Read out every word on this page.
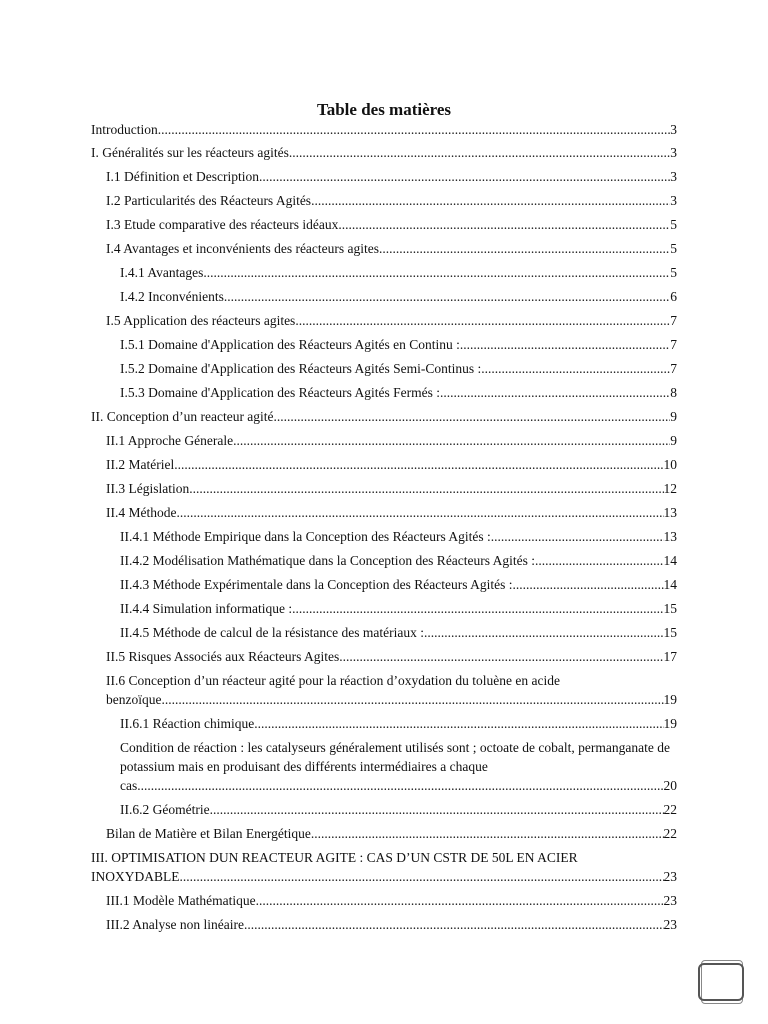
Table des matières
Introduction .....	3
I. Généralités sur les réacteurs agités .....	3
I.1 Définition et Description .....	3
I.2 Particularités des Réacteurs Agités .....	3
I.3 Etude comparative des réacteurs idéaux .....	5
I.4 Avantages et inconvénients des réacteurs agites .....	5
I.4.1 Avantages .....	5
I.4.2 Inconvénients .....	6
I.5 Application des réacteurs agites .....	7
I.5.1 Domaine d'Application des Réacteurs Agités en Continu : .....	7
I.5.2 Domaine d'Application des Réacteurs Agités Semi-Continus : .....	7
I.5.3 Domaine d'Application des Réacteurs Agités Fermés : .....	8
II. Conception d’un reacteur agité .....	9
II.1 Approche Génerale .....	9
II.2 Matériel .....	10
II.3 Législation .....	12
II.4 Méthode .....	13
II.4.1 Méthode Empirique dans la Conception des Réacteurs Agités : .....	13
II.4.2 Modélisation Mathématique dans la Conception des Réacteurs Agités : .....	14
II.4.3 Méthode Expérimentale dans la Conception des Réacteurs Agités : .....	14
II.4.4 Simulation informatique : .....	15
II.4.5 Méthode de calcul de la résistance des matériaux : .....	15
II.5 Risques Associés aux Réacteurs Agites .....	17
II.6 Conception d’un réacteur agité pour la réaction d’oxydation du toluène en acide
benzoïque .....	19
II.6.1 Réaction chimique .....	19
Condition de réaction : les catalyseurs généralement utilisés sont ; octoate de cobalt, permanganate de potassium mais en produisant des différents intermédiaires a chaque
cas .....	20
II.6.2 Géométrie .....	22
Bilan de Matière et Bilan Energétique .....	22
III. OPTIMISATION DUN REACTEUR AGITE : CAS D’UN CSTR DE 50L EN ACIER
INOXYDABLE .....	23
III.1 Modèle Mathématique .....	23
III.2 Analyse non linéaire .....	23
